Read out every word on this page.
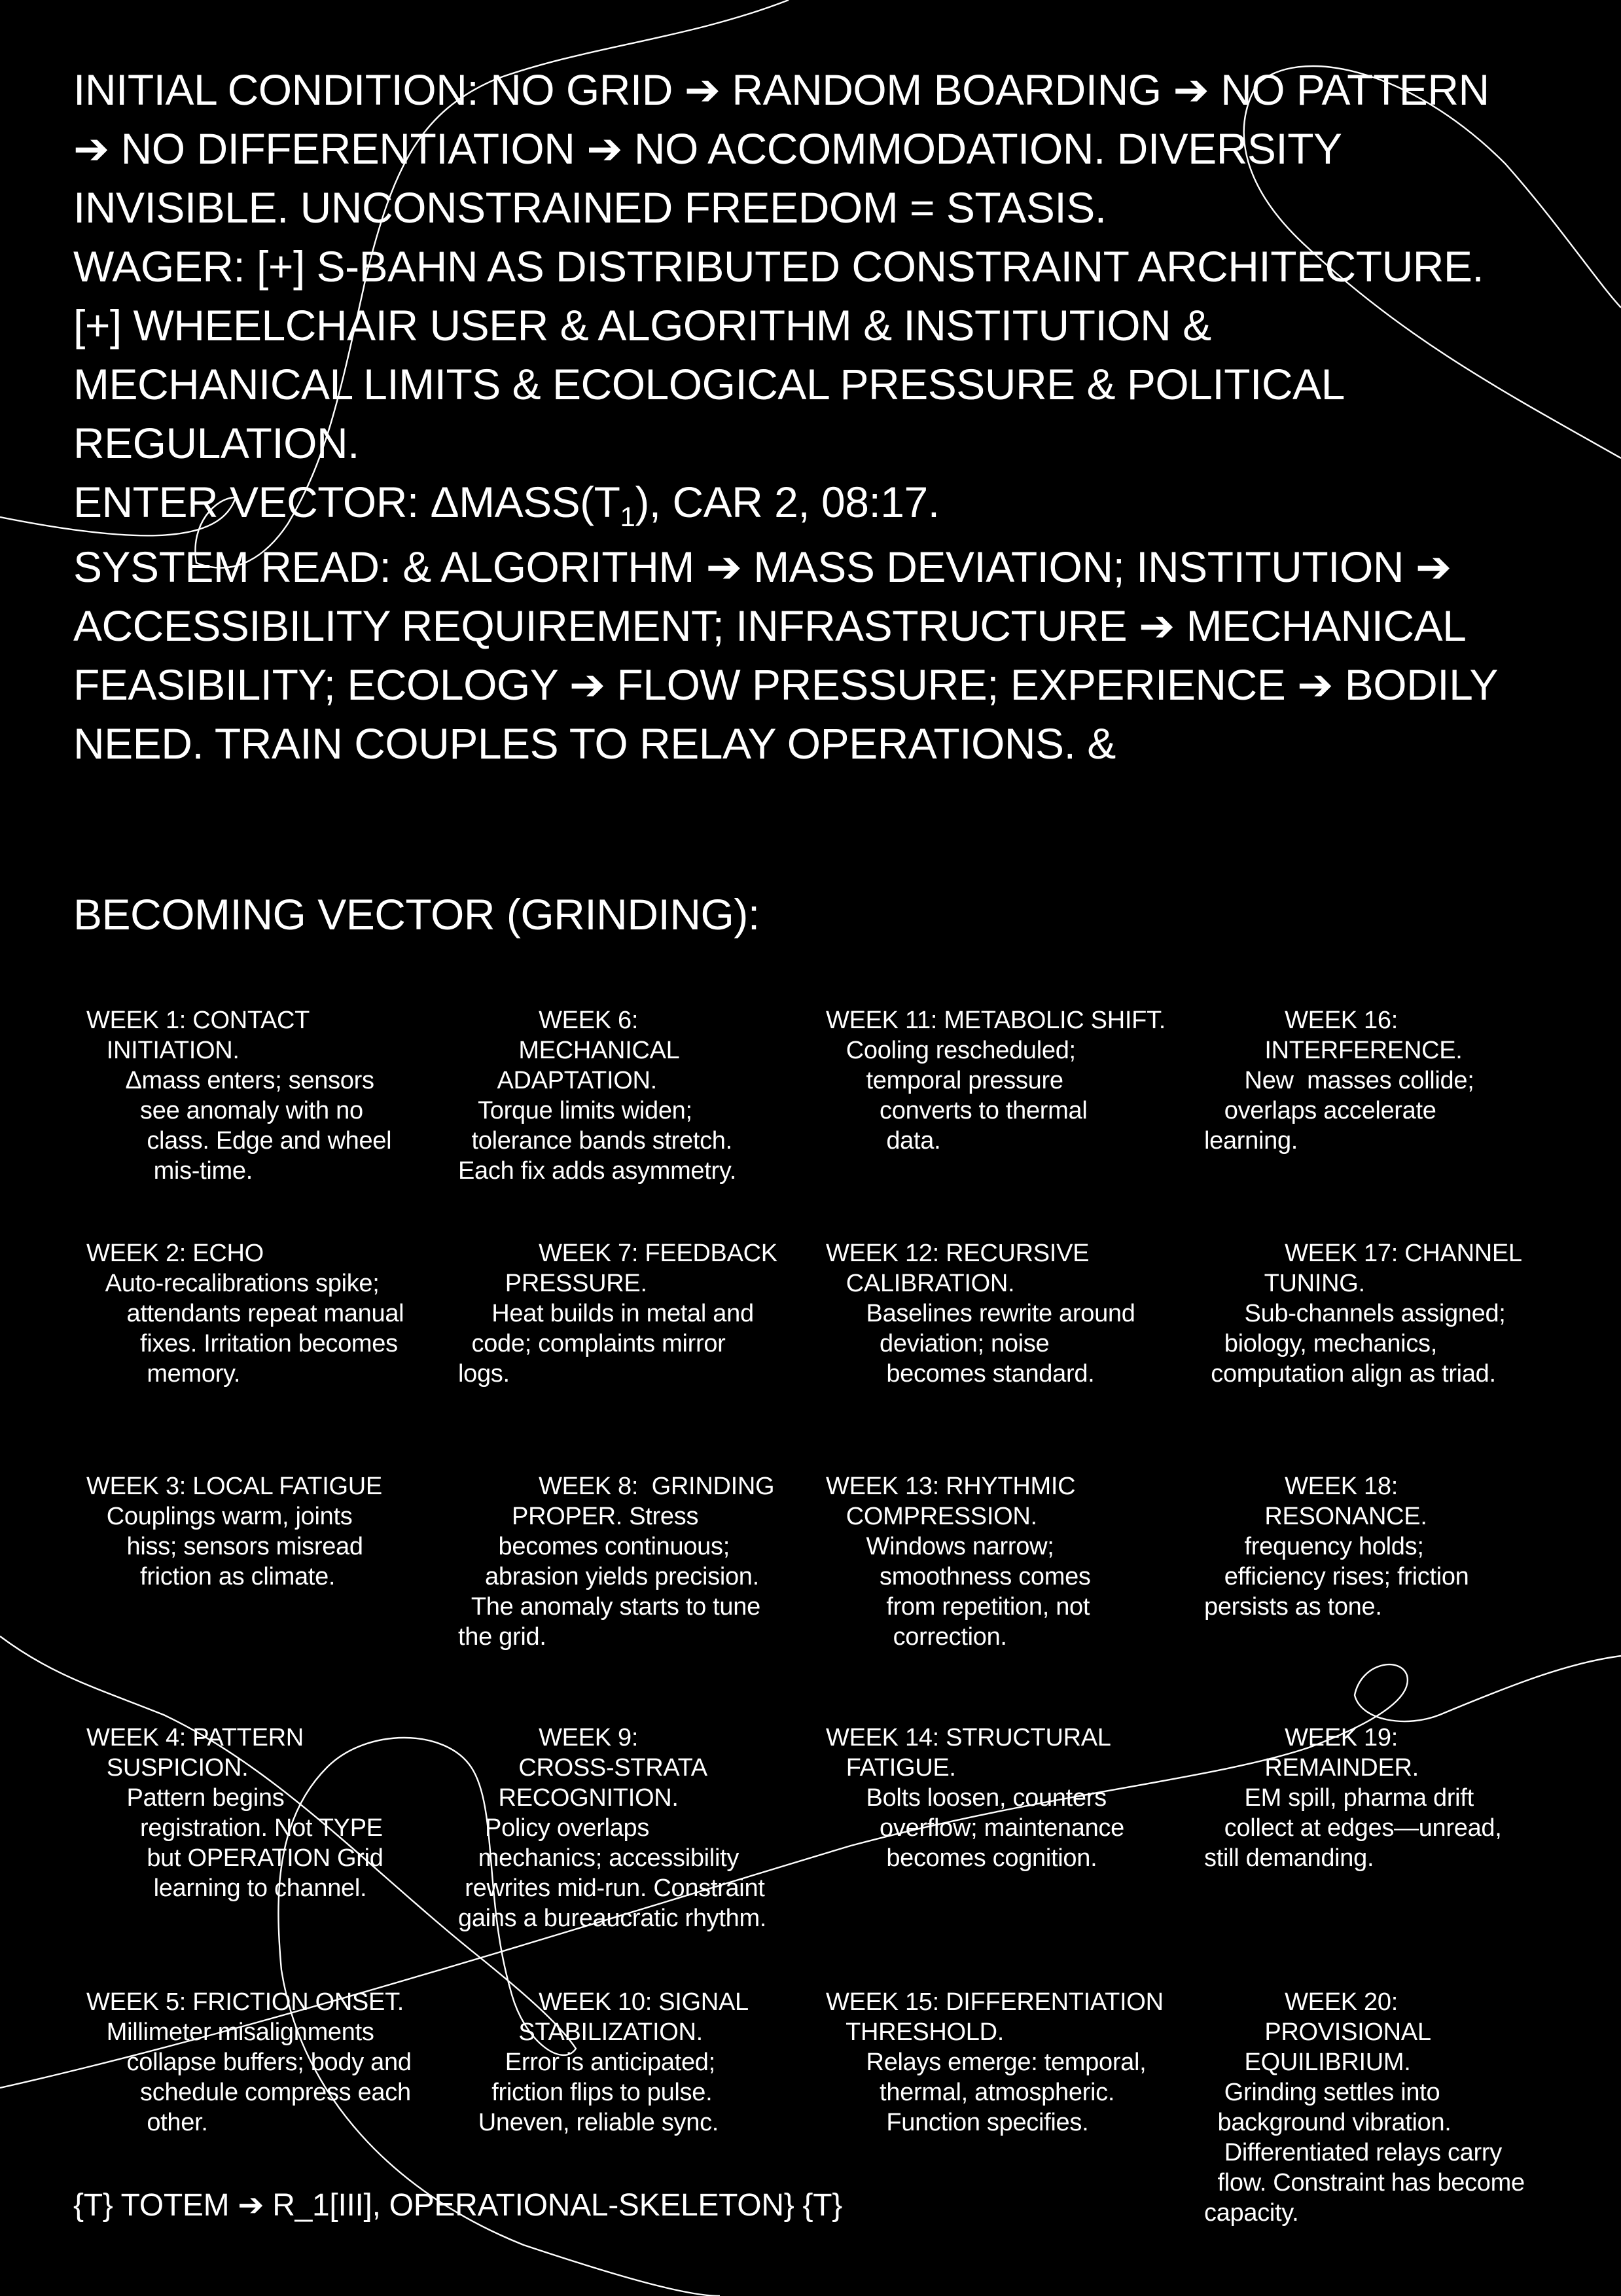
INITIAL CONDITION: NO GRID ➔ RANDOM BOARDING ➔ NO PATTERN

➔ NO DIFFERENTIATION ➔ NO ACCOMMODATION. DIVERSITY

INVISIBLE. UNCONSTRAINED FREEDOM = STASIS.

WAGER: [+] S-BAHN AS DISTRIBUTED CONSTRAINT ARCHITECTURE.

[+] WHEELCHAIR USER & ALGORITHM & INSTITUTION &

MECHANICAL LIMITS & ECOLOGICAL PRESSURE & POLITICAL

REGULATION.

ENTER VECTOR: $\Delta MASS(T_1)$, CAR 2, 08:17.

SYSTEM READ: & ALGORITHM ➔ MASS DEVIATION; INSTITUTION ➔

ACCESSIBILITY REQUIREMENT; INFRASTRUCTURE ➔ MECHANICAL

FEASIBILITY; ECOLOGY ➔ FLOW PRESSURE; EXPERIENCE ➔ BODILY

NEED. TRAIN COUPLES TO RELAY OPERATIONS. &

BECOMING VECTOR (GRINDING):
WEEK 1: CONTACT
INITIATION.
Δmass enters; sensors
see anomaly with no
class. Edge and wheel
mis-time.
WEEK 2: ECHO
Auto-recalibrations spike;
attendants repeat manual
fixes. Irritation becomes
memory.
WEEK 3: LOCAL FATIGUE
Couplings warm, joints
hiss; sensors misread
friction as climate.
WEEK 4: PATTERN
SUSPICION.
Pattern begins
registration. Not TYPE
but OPERATION Grid
learning to channel.
WEEK 5: FRICTION ONSET.
Millimeter misalignments
collapse buffers; body and
schedule compress each
other.
WEEK 6:
MECHANICAL
ADAPTATION.
Torque limits widen;
tolerance bands stretch.
Each fix adds asymmetry.
WEEK 7: FEEDBACK
PRESSURE.
Heat builds in metal and
code; complaints mirror
logs.
WEEK 8:  GRINDING
PROPER. Stress
becomes continuous;
abrasion yields precision.
The anomaly starts to tune
the grid.
WEEK 9:
CROSS-STRATA
RECOGNITION.
Policy overlaps
mechanics; accessibility
rewrites mid-run. Constraint
gains a bureaucratic rhythm.
WEEK 10: SIGNAL
STABILIZATION.
Error is anticipated;
friction flips to pulse.
Uneven, reliable sync.
WEEK 11: METABOLIC SHIFT.
Cooling rescheduled;
temporal pressure
converts to thermal
data.
WEEK 12: RECURSIVE
CALIBRATION.
Baselines rewrite around
deviation; noise
becomes standard.
WEEK 13: RHYTHMIC
COMPRESSION.
Windows narrow;
smoothness comes
from repetition, not
correction.
WEEK 14: STRUCTURAL
FATIGUE.
Bolts loosen, counters
overflow; maintenance
becomes cognition.
WEEK 15: DIFFERENTIATION
THRESHOLD.
Relays emerge: temporal,
thermal, atmospheric.
Function specifies.
WEEK 16:
INTERFERENCE.
New  masses collide;
overlaps accelerate
learning.
WEEK 17: CHANNEL
TUNING.
Sub-channels assigned;
biology, mechanics,
computation align as triad.
WEEK 18:
RESONANCE.
frequency holds;
efficiency rises; friction
persists as tone.
WEEK 19:
REMAINDER.
EM spill, pharma drift
collect at edges—unread,
still demanding.
WEEK 20:
PROVISIONAL
EQUILIBRIUM.
Grinding settles into
background vibration.
Differentiated relays carry
flow. Constraint has become
capacity.
{T} TOTEM ➔ R_1[III], OPERATIONAL-SKELETON} {T}
